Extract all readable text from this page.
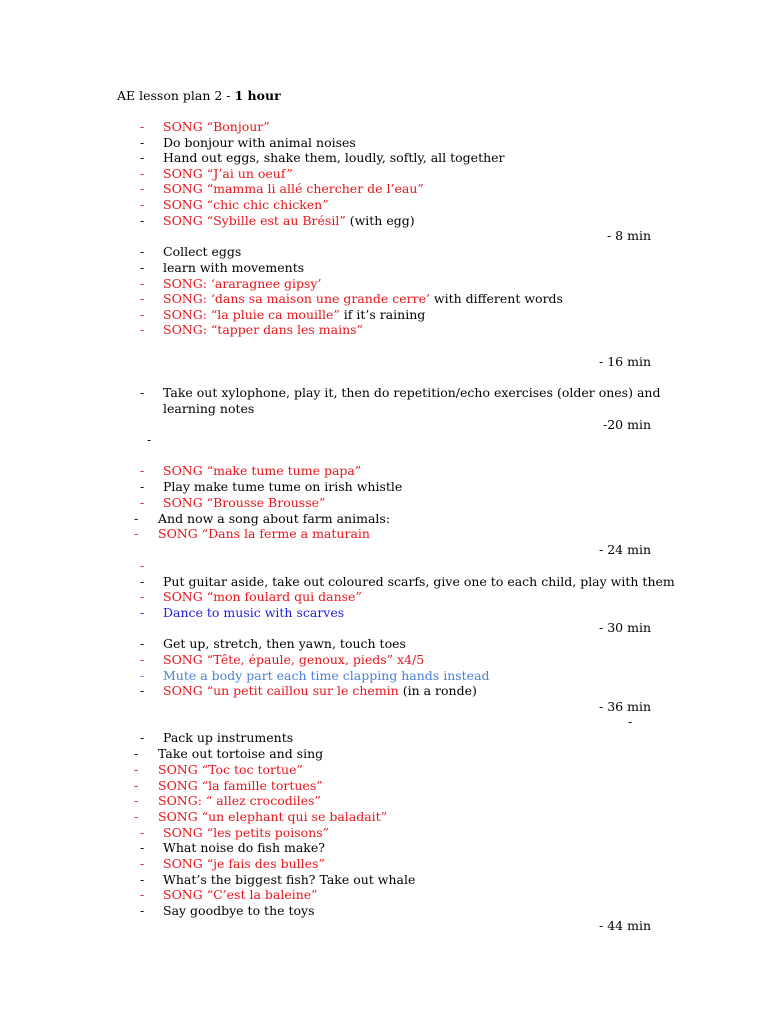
AE lesson plan 2 - 1 hour
- SONG “Bonjour”
- Do bonjour with animal noises
- Hand out eggs, shake them, loudly, softly, all together
- SONG “J’ai un oeuf”
- SONG “mamma li allé chercher de l’eau”
- SONG “chic chic chicken”
- SONG “Sybille est au Brésil” (with egg)
- 8 min
- Collect eggs
- learn with movements
- SONG: ‘araragnee gipsy’
- SONG: ‘dans sa maison une grande cerre’ with different words
- SONG: “la pluie ca mouille” if it’s raining
- SONG: “tapper dans les mains”
- 16 min
- Take out xylophone, play it, then do repetition/echo exercises (older ones) and
learning notes
-20 min
-
- SONG “make tume tume papa”
- Play make tume tume on irish whistle
- SONG “Brousse Brousse”
- And now a song about farm animals:
- SONG “Dans la ferme a maturain
- 24 min
-
- Put guitar aside, take out coloured scarfs, give one to each child, play with them
- SONG “mon foulard qui danse”
- Dance to music with scarves
- 30 min
- Get up, stretch, then yawn, touch toes
- SONG “Tête, épaule, genoux, pieds” x4/5
- Mute a body part each time clapping hands instead
- SONG “un petit caillou sur le chemin (in a ronde)
- 36 min
-
- Pack up instruments
- Take out tortoise and sing
- SONG “Toc toc tortue”
- SONG “la famille tortues”
- SONG: “ allez crocodiles”
- SONG “un elephant qui se baladait”
- SONG “les petits poisons”
- What noise do fish make?
- SONG “je fais des bulles”
- What’s the biggest fish? Take out whale
- SONG “C’est la baleine”
- Say goodbye to the toys
- 44 min
